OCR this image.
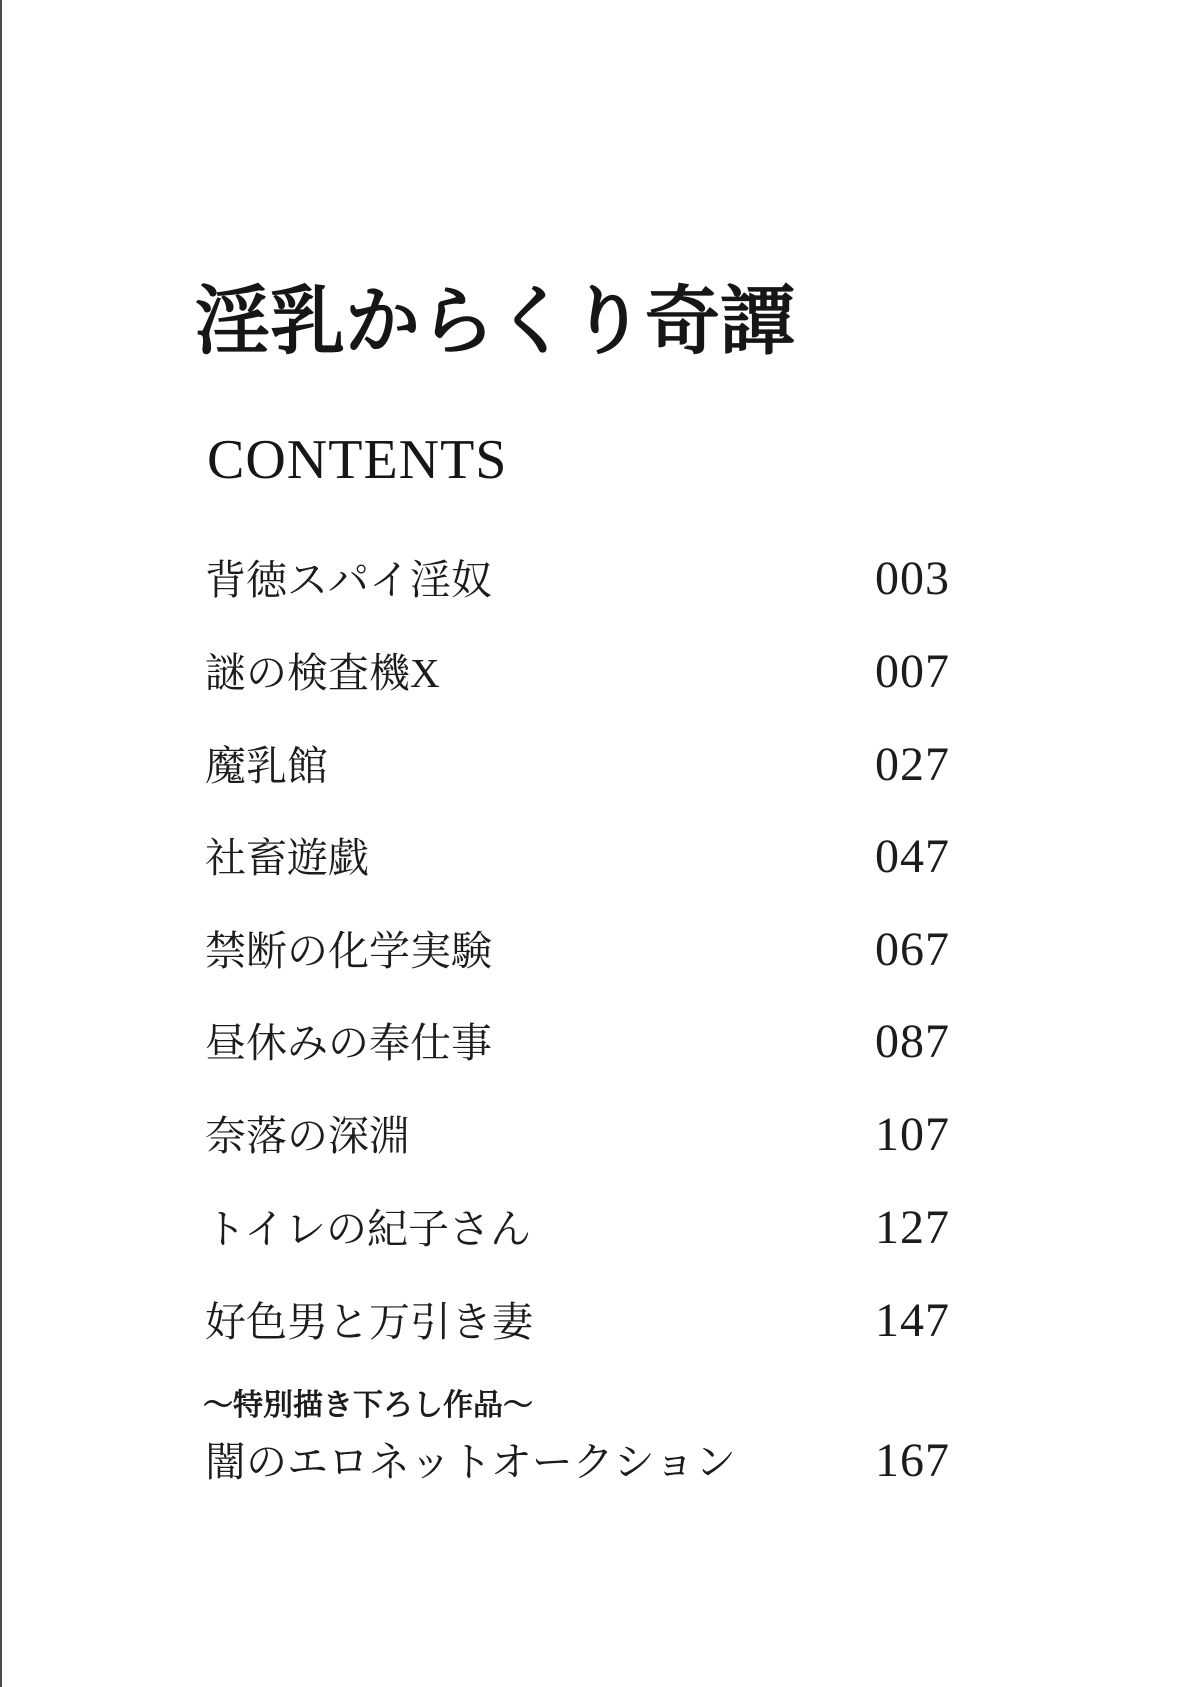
淫乳からくり奇譚
CONTENTS
背徳スパイ淫奴	003
謎の検査機X	007
魔乳館	027
社畜遊戯	047
禁断の化学実験	067
昼休みの奉仕事	087
奈落の深淵	107
トイレの紀子さん	127
好色男と万引き妻	147
〜特別描き下ろし作品〜
闇のエロネットオークション	167
